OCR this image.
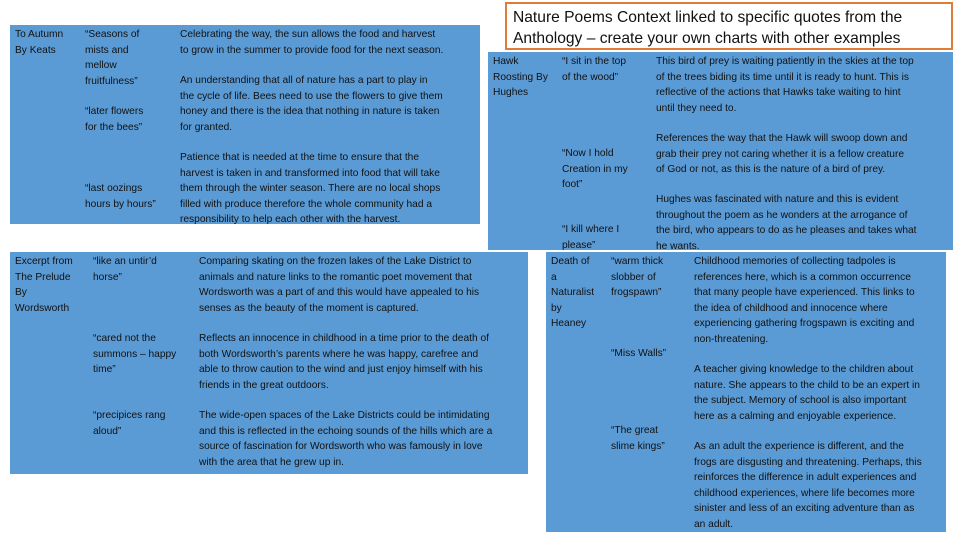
Nature Poems Context linked to specific quotes from the
Anthology – create your own charts with other examples
To Autumn
By Keats
“Seasons of
mists and
mellow
fruitfulness”
“later flowers
for the bees”
“last oozings
hours by hours”
Celebrating the way, the sun allows the food and harvest
to grow in the summer to provide food for the next season.
An understanding that all of nature has a part to play in
the cycle of life. Bees need to use the flowers to give them
honey and there is the idea that nothing in nature is taken
for granted.
Patience that is needed at the time to ensure that the
harvest is taken in and transformed into food that will take
them through the winter season. There are no local shops
filled with produce therefore the whole community had a
responsibility to help each other with the harvest.
Excerpt from
The Prelude
By
Wordsworth
“like an untir’d
horse”
“cared not the
summons – happy
time”
“precipices rang
aloud”
Comparing skating on the frozen lakes of the Lake District to
animals and nature links to the romantic poet movement that
Wordsworth was a part of and this would have appealed to his
senses as the beauty of the moment is captured.
Reflects an innocence in childhood in a time prior to the death of
both Wordsworth’s parents where he was happy, carefree and
able to throw caution to the wind and just enjoy himself with his
friends in the great outdoors.
The wide-open spaces of the Lake Districts could be intimidating
and this is reflected in the echoing sounds of the hills which are a
source of fascination for Wordsworth who was famously in love
with the area that he grew up in.
Hawk
Roosting By
Hughes
“I sit in the top
of the wood”
“Now I hold
Creation in my
foot”
“I kill where I
please”
This bird of prey is waiting patiently in the skies at the top
of the trees biding its time until it is ready to hunt. This is
reflective of the actions that Hawks take waiting to hint
until they need to.
References the way that the Hawk will swoop down and
grab their prey not caring whether it is a fellow creature
of God or not, as this is the nature of a bird of prey.
Hughes was fascinated with nature and this is evident
throughout the poem as he wonders at the arrogance of
the bird, who appears to do as he pleases and takes what
he wants.
Death of
a
Naturalist
by
Heaney
“warm thick
slobber of
frogspawn”
“Miss Walls”
“The great
slime kings”
Childhood memories of collecting tadpoles is
references here, which is a common occurrence
that many people have experienced. This links to
the idea of childhood and innocence where
experiencing gathering frogspawn is exciting and
non-threatening.
A teacher giving knowledge to the children about
nature. She appears to the child to be an expert in
the subject. Memory of school is also important
here as a calming and enjoyable experience.
As an adult the experience is different, and the
frogs are disgusting and threatening. Perhaps, this
reinforces the difference in adult experiences and
childhood experiences, where life becomes more
sinister and less of an exciting adventure than as
an adult.
